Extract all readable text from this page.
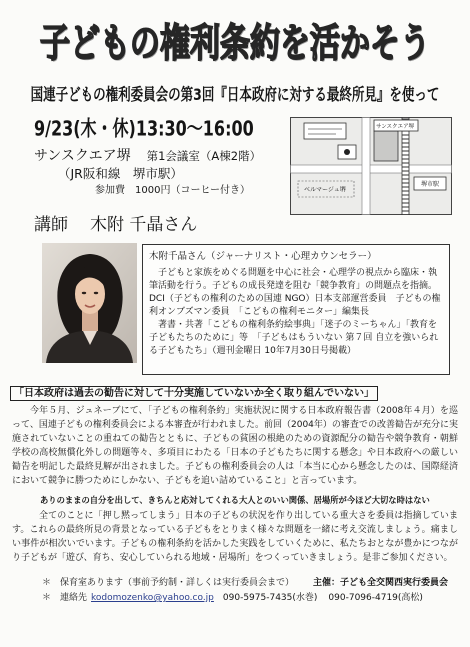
子どもの権利条約を活かそう
国連子どもの権利委員会の第3回『日本政府に対する最終所見』を使って
9/23(木・休)13:30～16:00
サンスクエア堺 第1会議室（A棟2階）
（JR阪和線　堺市駅）
参加費　1000円（コーヒー付き）
サンスクエア堺
堺市駅
ベルマージュ堺
講師 木附 千晶さん
木附千晶さん（ジャーナリスト・心理カウンセラー）

子どもと家族をめぐる問題を中心に社会・心理学の視点から臨床・執筆活動を行う。子どもの成長発達を阻む「競争教育」の問題点を指摘。

DCI（子どもの権利のための国連 NGO）日本支部運営委員　子どもの権利オンブズマン委員　「こどもの権利モニター」編集長

著書・共著「こどもの権利条約絵事典」「迷子のミーちゃん」「教育を子どもたちのために」等　「子どもはもういない 第７回 自立を強いられる子どもたち」（週刊金曜日 10年7月30日号掲載）

「日本政府は過去の勧告に対して十分実施していないか全く取り組んでいない」

今年５月、ジュネーブにて、「子どもの権利条約」実施状況に関する日本政府報告書（2008年４月）を巡って、国連子どもの権利委員会による本審査が行われました。前回（2004年）の審査での改善勧告が充分に実施されていないことの重ねての勧告とともに、子どもの貧困の根絶のための資源配分の勧告や競争教育・朝鮮学校の高校無償化外しの問題等々、多項目にわたる「日本の子どもたちに関する懸念」や日本政府への厳しい勧告を明記した最終見解が出されました。子どもの権利委員会の人は「本当に心から懸念したのは、国際経済において競争に勝つためにしかない、子どもを追い詰めていること」と言っています。

ありのままの自分を出して、きちんと応対してくれる大人とのいい関係、居場所が今ほど大切な時はない

全てのことに「押し黙ってしまう」日本の子どもの状況を作り出している重大さを委員は指摘しています。これらの最終所見の背景となっている子どもをとりまく様々な問題を一緒に考え交流しましょう。痛ましい事件が相次いでいます。子どもの権利条約を活かした実践をしていくために、私たちおとなが豊かにつながり子どもが「遊び、育ち、安心していられる地域・居場所」をつくっていきましょう。是非ご参加ください。

＊ 保育室あります（事前予約制・詳しくは実行委員会まで） 主催：子ども全交関西実行委員会
＊ 連絡先 kodomozenko@yahoo.co.jp 090-5975-7435(水巻) 090-7096-4719(高松)
